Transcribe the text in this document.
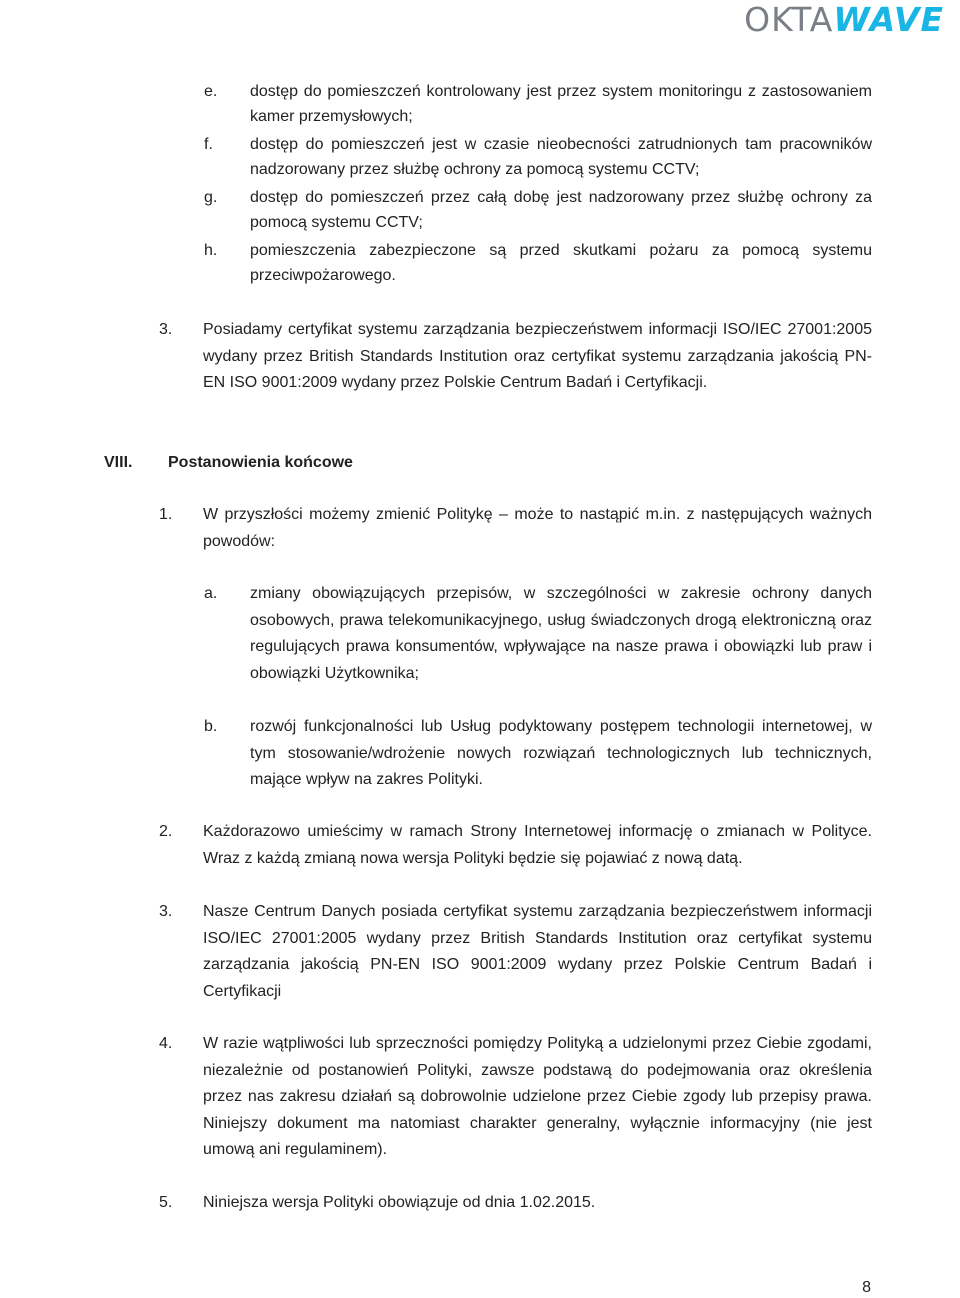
OKTAWAVE
e. dostęp do pomieszczeń kontrolowany jest przez system monitoringu z zastosowaniem kamer przemysłowych;
f. dostęp do pomieszczeń jest w czasie nieobecności zatrudnionych tam pracowników nadzorowany przez służbę ochrony za pomocą systemu CCTV;
g. dostęp do pomieszczeń przez całą dobę jest nadzorowany przez służbę ochrony za pomocą systemu CCTV;
h. pomieszczenia zabezpieczone są przed skutkami pożaru za pomocą systemu przeciwpożarowego.
3. Posiadamy certyfikat systemu zarządzania bezpieczeństwem informacji ISO/IEC 27001:2005 wydany przez British Standards Institution oraz certyfikat systemu zarządzania jakością PN-EN ISO 9001:2009 wydany przez Polskie Centrum Badań i Certyfikacji.
VIII. Postanowienia końcowe
1. W przyszłości możemy zmienić Politykę – może to nastąpić m.in. z następujących ważnych powodów:
a. zmiany obowiązujących przepisów, w szczególności w zakresie ochrony danych osobowych, prawa telekomunikacyjnego, usług świadczonych drogą elektroniczną oraz regulujących prawa konsumentów, wpływające na nasze prawa i obowiązki lub praw i obowiązki Użytkownika;
b. rozwój funkcjonalności lub Usług podyktowany postępem technologii internetowej, w tym stosowanie/wdrożenie nowych rozwiązań technologicznych lub technicznych, mające wpływ na zakres Polityki.
2. Każdorazowo umieścimy w ramach Strony Internetowej informację o zmianach w Polityce. Wraz z każdą zmianą nowa wersja Polityki będzie się pojawiać z nową datą.
3. Nasze Centrum Danych posiada certyfikat systemu zarządzania bezpieczeństwem informacji ISO/IEC 27001:2005 wydany przez British Standards Institution oraz certyfikat systemu zarządzania jakością PN-EN ISO 9001:2009 wydany przez Polskie Centrum Badań i Certyfikacji
4. W razie wątpliwości lub sprzeczności pomiędzy Polityką a udzielonymi przez Ciebie zgodami, niezależnie od postanowień Polityki, zawsze podstawą do podejmowania oraz określenia przez nas zakresu działań są dobrowolnie udzielone przez Ciebie zgody lub przepisy prawa. Niniejszy dokument ma natomiast charakter generalny, wyłącznie informacyjny (nie jest umową ani regulaminem).
5. Niniejsza wersja Polityki obowiązuje od dnia 1.02.2015.
8
